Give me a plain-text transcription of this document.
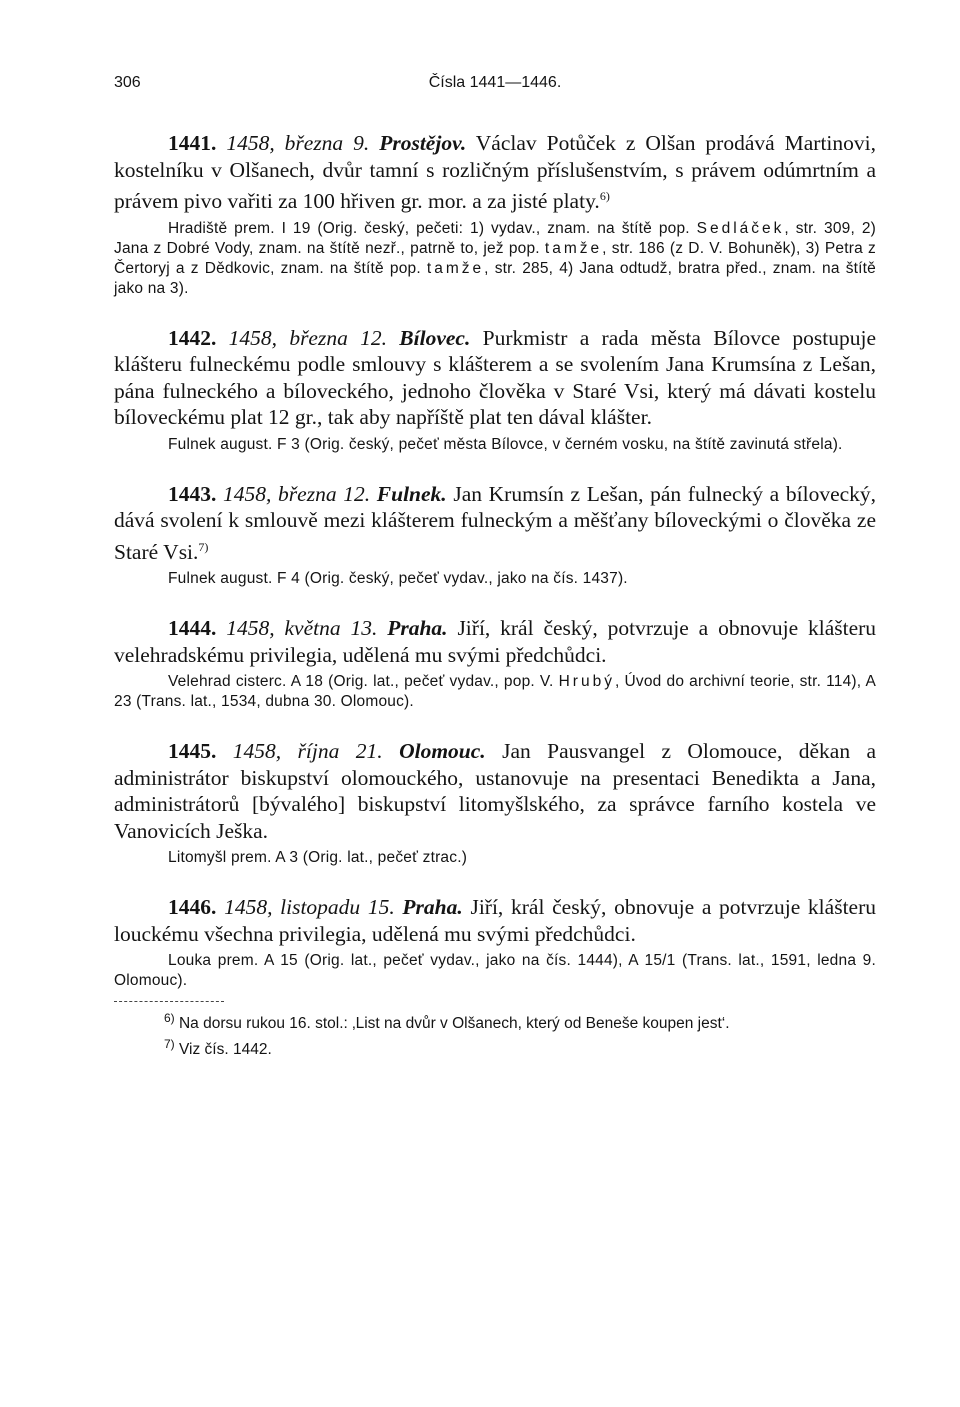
306	Čísla 1441—1446.

1441. 1458, března 9. Prostějov. Václav Potůček z Olšan prodává Martinovi, kostelníku v Olšanech, dvůr tamní s rozličným příslušenstvím, s právem odúmrtním a právem pivo vařiti za 100 hřiven gr. mor. a za jisté platy.$^{6)}$

Hradiště prem. I 19 (Orig. český, pečeti: 1) vydav., znam. na štítě pop. Sedláček, str. 309, 2) Jana z Dobré Vody, znam. na štítě nezř., patrně to, jež pop. tamže, str. 186 (z D. V. Bohuněk), 3) Petra z Čertoryj a z Dědkovic, znam. na štítě pop. tamže, str. 285, 4) Jana odtudž, bratra před., znam. na štítě jako na 3).

1442. 1458, března 12. Bílovec. Purkmistr a rada města Bílovce postupuje klášteru fulneckému podle smlouvy s klášterem a se svolením Jana Krumsína z Lešan, pána fulneckého a bíloveckého, jednoho člověka v Staré Vsi, který má dávati kostelu bíloveckému plat 12 gr., tak aby napříště plat ten dával klášter.

Fulnek august. F 3 (Orig. český, pečeť města Bílovce, v černém vosku, na štítě zavinutá střela).

1443. 1458, března 12. Fulnek. Jan Krumsín z Lešan, pán fulnecký a bílovecký, dává svolení k smlouvě mezi klášterem fulneckým a měšťany bíloveckými o člověka ze Staré Vsi.$^{7)}$

Fulnek august. F 4 (Orig. český, pečeť vydav., jako na čís. 1437).

1444. 1458, května 13. Praha. Jiří, král český, potvrzuje a obnovuje klášteru velehradskému privilegia, udělená mu svými předchůdci.

Velehrad cisterc. A 18 (Orig. lat., pečeť vydav., pop. V. Hrubý, Úvod do archivní teorie, str. 114), A 23 (Trans. lat., 1534, dubna 30. Olomouc).

1445. 1458, října 21. Olomouc. Jan Pausvangel z Olomouce, děkan a administrátor biskupství olomouckého, ustanovuje na presentaci Benedikta a Jana, administrátorů [bývalého] biskupství litomyšlského, za správce farního kostela ve Vanovicích Ješka.

Litomyšl prem. A 3 (Orig. lat., pečeť ztrac.)

1446. 1458, listopadu 15. Praha. Jiří, král český, obnovuje a potvrzuje klášteru louckému všechna privilegia, udělená mu svými předchůdci.

Louka prem. A 15 (Orig. lat., pečeť vydav., jako na čís. 1444), A 15/1 (Trans. lat., 1591, ledna 9. Olomouc).

$^{6)}$ Na dorsu rukou 16. stol.: ‚List na dvůr v Olšanech, který od Beneše koupen jest‘.

$^{7)}$ Viz čís. 1442.
